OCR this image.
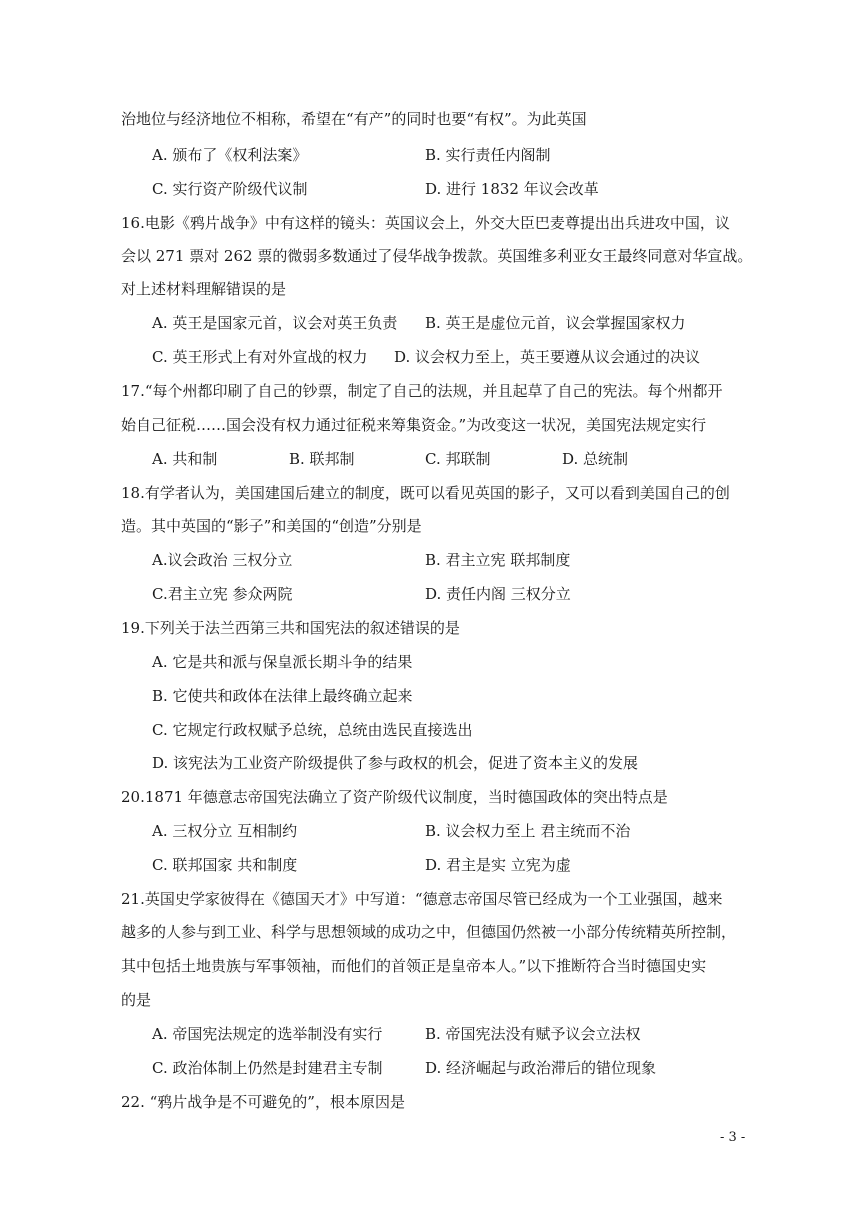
治地位与经济地位不相称，希望在“有产”的同时也要“有权”。为此英国
A. 颁布了《权利法案》	B. 实行责任内阁制
C. 实行资产阶级代议制	D. 进行 1832 年议会改革
16.电影《鸦片战争》中有这样的镜头：英国议会上，外交大臣巴麦尊提出出兵进攻中国，议
会以 271 票对 262 票的微弱多数通过了侵华战争拨款。英国维多利亚女王最终同意对华宣战。
对上述材料理解错误的是
A. 英王是国家元首，议会对英王负责 B. 英王是虚位元首，议会掌握国家权力
C. 英王形式上有对外宣战的权力 D. 议会权力至上，英王要遵从议会通过的决议
17.“每个州都印刷了自己的钞票，制定了自己的法规，并且起草了自己的宪法。每个州都开
始自己征税……国会没有权力通过征税来筹集资金。”为改变这一状况，美国宪法规定实行
A. 共和制	B. 联邦制	C. 邦联制	D. 总统制
18.有学者认为，美国建国后建立的制度，既可以看见英国的影子，又可以看到美国自己的创
造。其中英国的“影子”和美国的“创造”分别是
A.议会政治 三权分立	B. 君主立宪 联邦制度
C.君主立宪 参众两院	D. 责任内阁 三权分立
19.下列关于法兰西第三共和国宪法的叙述错误的是
A. 它是共和派与保皇派长期斗争的结果
B. 它使共和政体在法律上最终确立起来
C. 它规定行政权赋予总统，总统由选民直接选出
D. 该宪法为工业资产阶级提供了参与政权的机会，促进了资本主义的发展
20.1871 年德意志帝国宪法确立了资产阶级代议制度，当时德国政体的突出特点是
A. 三权分立 互相制约	B. 议会权力至上 君主统而不治
C. 联邦国家 共和制度	D. 君主是实 立宪为虚
21.英国史学家彼得在《德国天才》中写道：“德意志帝国尽管已经成为一个工业强国，越来
越多的人参与到工业、科学与思想领域的成功之中，但德国仍然被一小部分传统精英所控制，
其中包括土地贵族与军事领袖，而他们的首领正是皇帝本人。”以下推断符合当时德国史实
的是
A. 帝国宪法规定的选举制没有实行	B. 帝国宪法没有赋予议会立法权
C. 政治体制上仍然是封建君主专制	D. 经济崛起与政治滞后的错位现象
22. “鸦片战争是不可避免的”，根本原因是
- 3 -
